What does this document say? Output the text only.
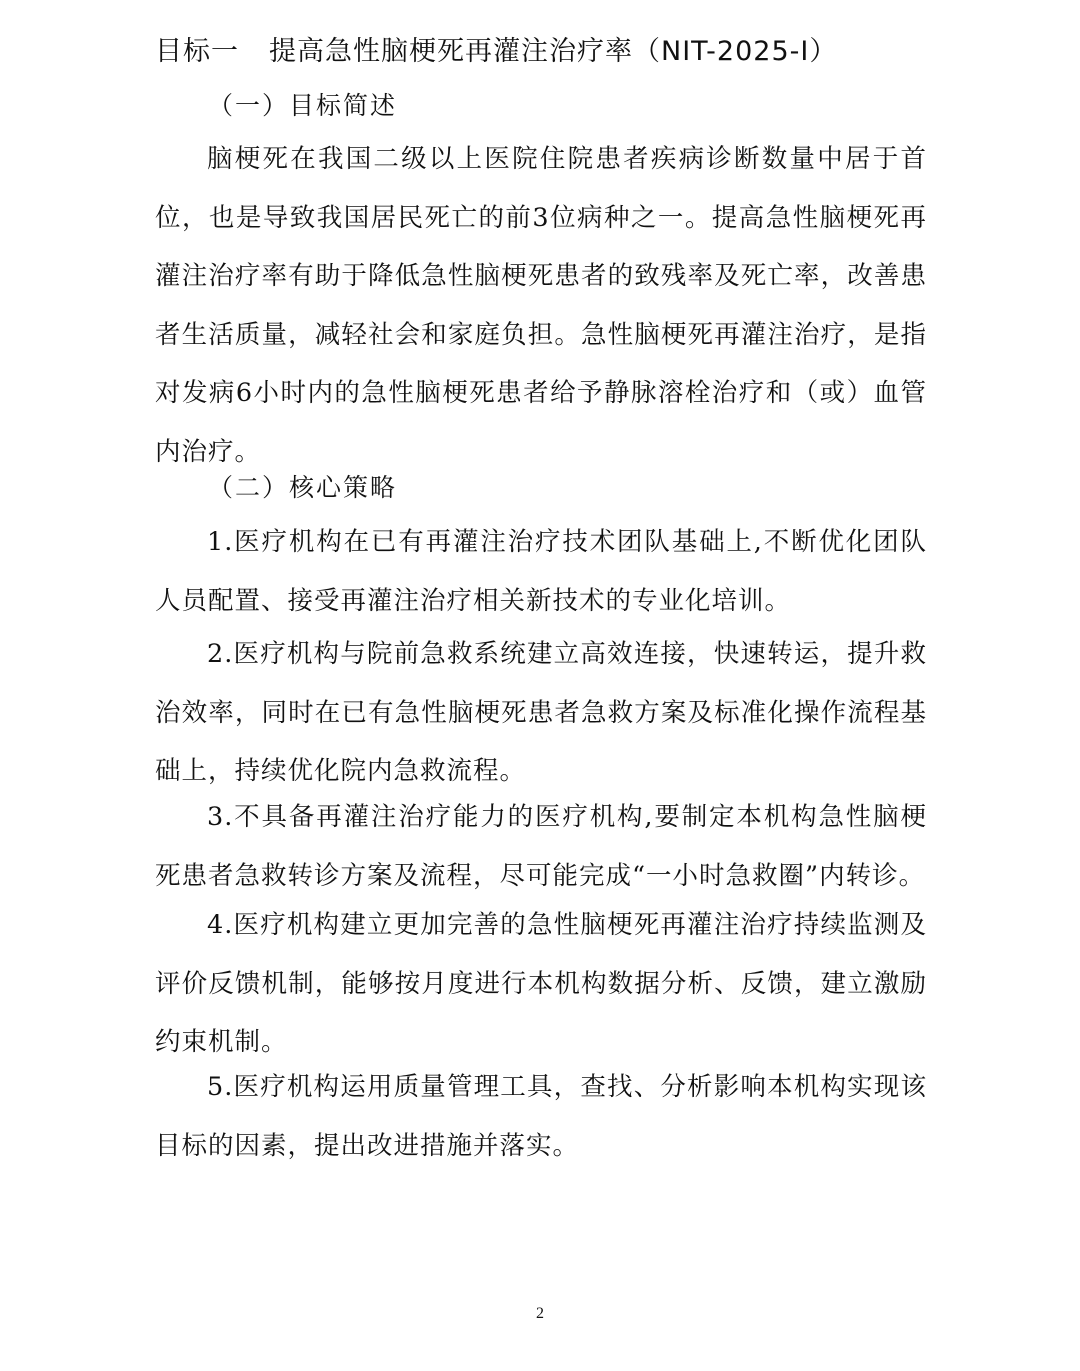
目标一 提高急性脑梗死再灌注治疗率（NIT-2025-I）
（一）目标简述

脑梗死在我国二级以上医院住院患者疾病诊断数量中居于首位，也是导致我国居民死亡的前3位病种之一。提高急性脑梗死再灌注治疗率有助于降低急性脑梗死患者的致残率及死亡率，改善患者生活质量，减轻社会和家庭负担。急性脑梗死再灌注治疗，是指对发病6小时内的急性脑梗死患者给予静脉溶栓治疗和（或）血管内治疗。

（二）核心策略

1.医疗机构在已有再灌注治疗技术团队基础上,不断优化团队人员配置、接受再灌注治疗相关新技术的专业化培训。

2.医疗机构与院前急救系统建立高效连接，快速转运，提升救治效率，同时在已有急性脑梗死患者急救方案及标准化操作流程基础上，持续优化院内急救流程。

3.不具备再灌注治疗能力的医疗机构,要制定本机构急性脑梗死患者急救转诊方案及流程，尽可能完成“一小时急救圈”内转诊。

4.医疗机构建立更加完善的急性脑梗死再灌注治疗持续监测及评价反馈机制，能够按月度进行本机构数据分析、反馈，建立激励约束机制。

5.医疗机构运用质量管理工具，查找、分析影响本机构实现该目标的因素，提出改进措施并落实。

2
